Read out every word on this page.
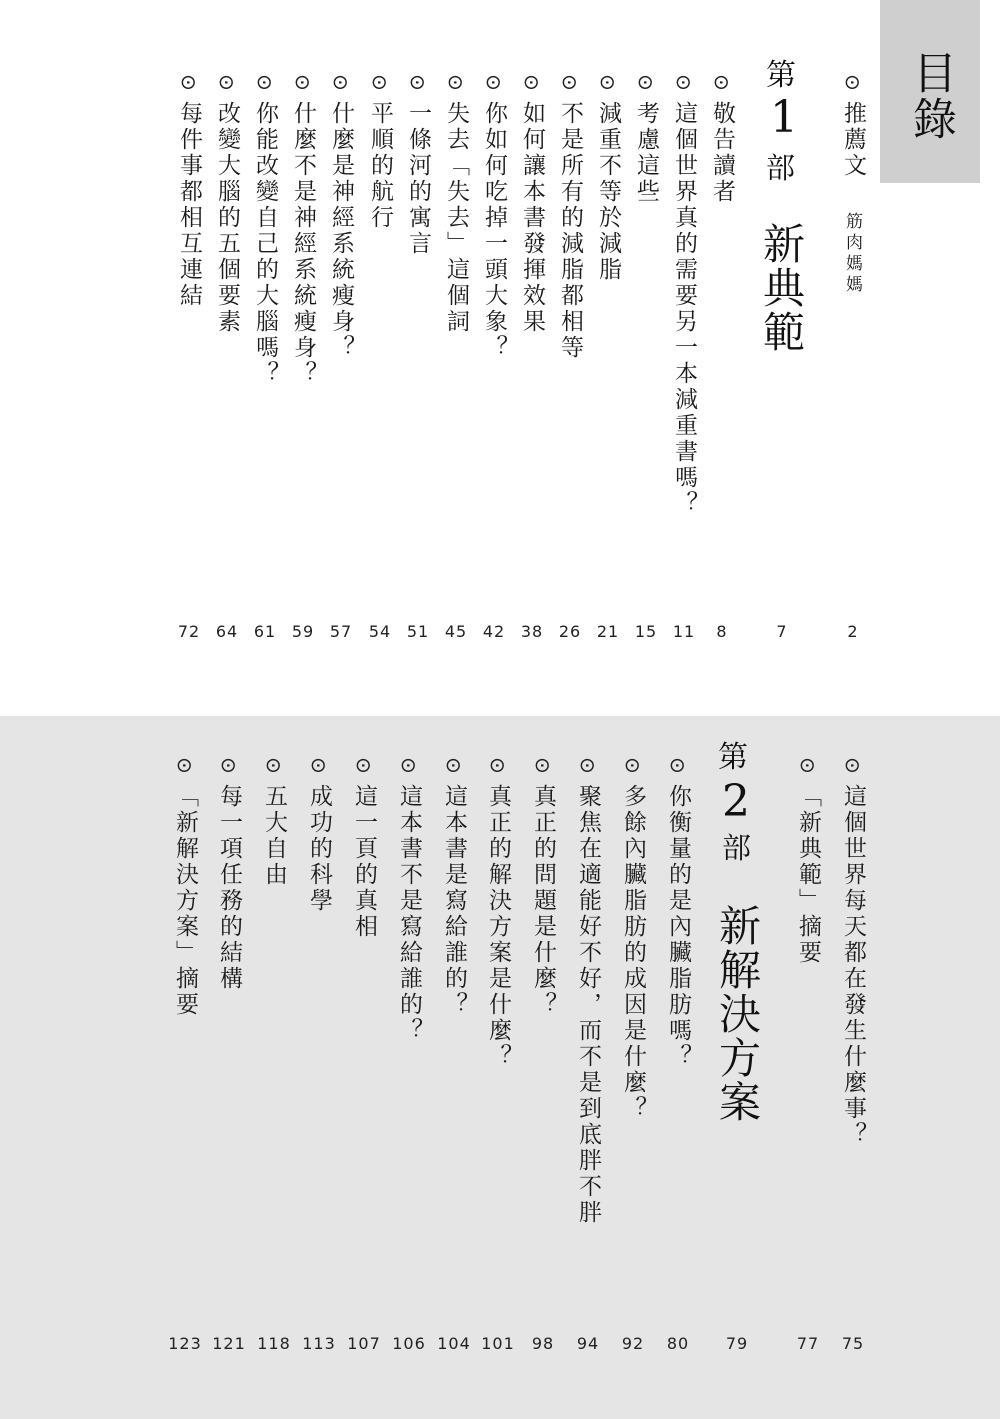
目錄
⊙推薦文
筋肉媽媽
2
第
1
部
新典範
7
⊙敬告讀者
8
⊙這個世界真的需要另一本減重書嗎？
11
⊙考慮這些
15
⊙減重不等於減脂
21
⊙不是所有的減脂都相等
26
⊙如何讓本書發揮效果
38
⊙你如何吃掉一頭大象？
42
⊙失去「失去」這個詞
45
⊙一條河的寓言
51
⊙平順的航行
54
⊙什麼是神經系統瘦身？
57
⊙什麼不是神經系統瘦身？
59
⊙你能改變自己的大腦嗎？
61
⊙改變大腦的五個要素
64
⊙每件事都相互連結
72
⊙這個世界每天都在發生什麼事？
75
⊙「新典範」摘要
77
第
2
部
新解決方案
79
⊙你衡量的是內臟脂肪嗎？
80
⊙多餘內臟脂肪的成因是什麼？
92
⊙聚焦在適能好不好，而不是到底胖不胖
94
⊙真正的問題是什麼？
98
⊙真正的解決方案是什麼？
101
⊙這本書是寫給誰的？
104
⊙這本書不是寫給誰的？
106
⊙這一頁的真相
107
⊙成功的科學
113
⊙五大自由
118
⊙每一項任務的結構
121
⊙「新解決方案」摘要
123
